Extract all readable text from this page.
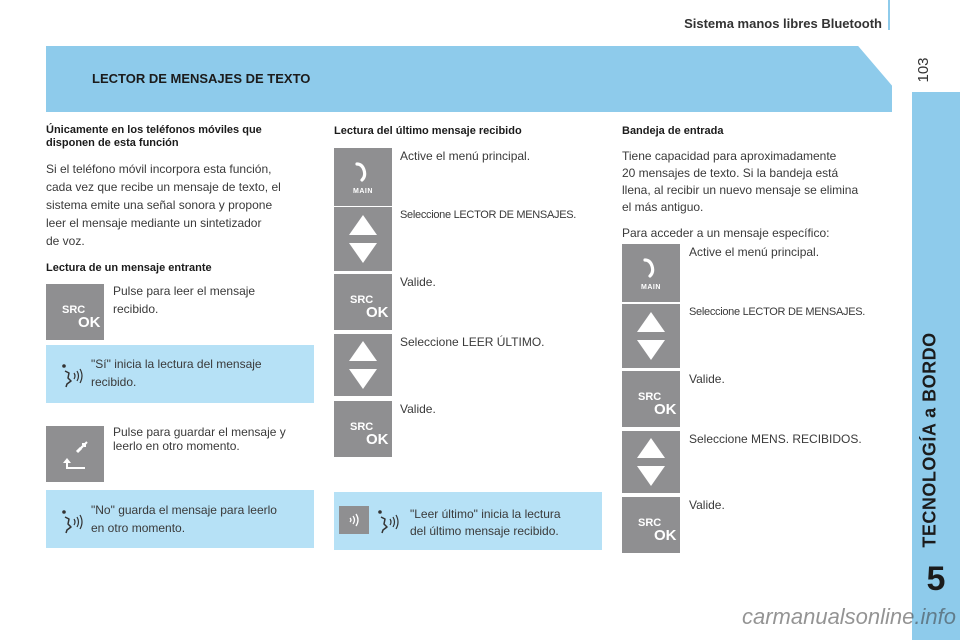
Sistema manos libres Bluetooth
103
TECNOLOGÍA a BORDO
5
LECTOR DE MENSAJES DE TEXTO
Únicamente en los teléfonos móviles que
disponen de esta función
Si el teléfono móvil incorpora esta función,
cada vez que recibe un mensaje de texto, el
sistema emite una señal sonora y propone
leer el mensaje mediante un sintetizador
de voz.
Lectura de un mensaje entrante
SRC
OK
Pulse para leer el mensaje
recibido.
"Sí" inicia la lectura del mensaje
recibido.
Pulse para guardar el mensaje y
leerlo en otro momento.
"No" guarda el mensaje para leerlo
en otro momento.
Lectura del último mensaje recibido
MAIN
Active el menú principal.
Seleccione LECTOR DE MENSAJES.
SRC
OK
Valide.
Seleccione LEER ÚLTIMO.
SRC
OK
Valide.
"Leer último" inicia la lectura
del último mensaje recibido.
Bandeja de entrada
Tiene capacidad para aproximadamente
20 mensajes de texto. Si la bandeja está
llena, al recibir un nuevo mensaje se elimina
el más antiguo.
Para acceder a un mensaje específico:
MAIN
Active el menú principal.
Seleccione LECTOR DE MENSAJES.
SRC
OK
Valide.
Seleccione MENS. RECIBIDOS.
SRC
OK
Valide.
carmanualsonline.info
